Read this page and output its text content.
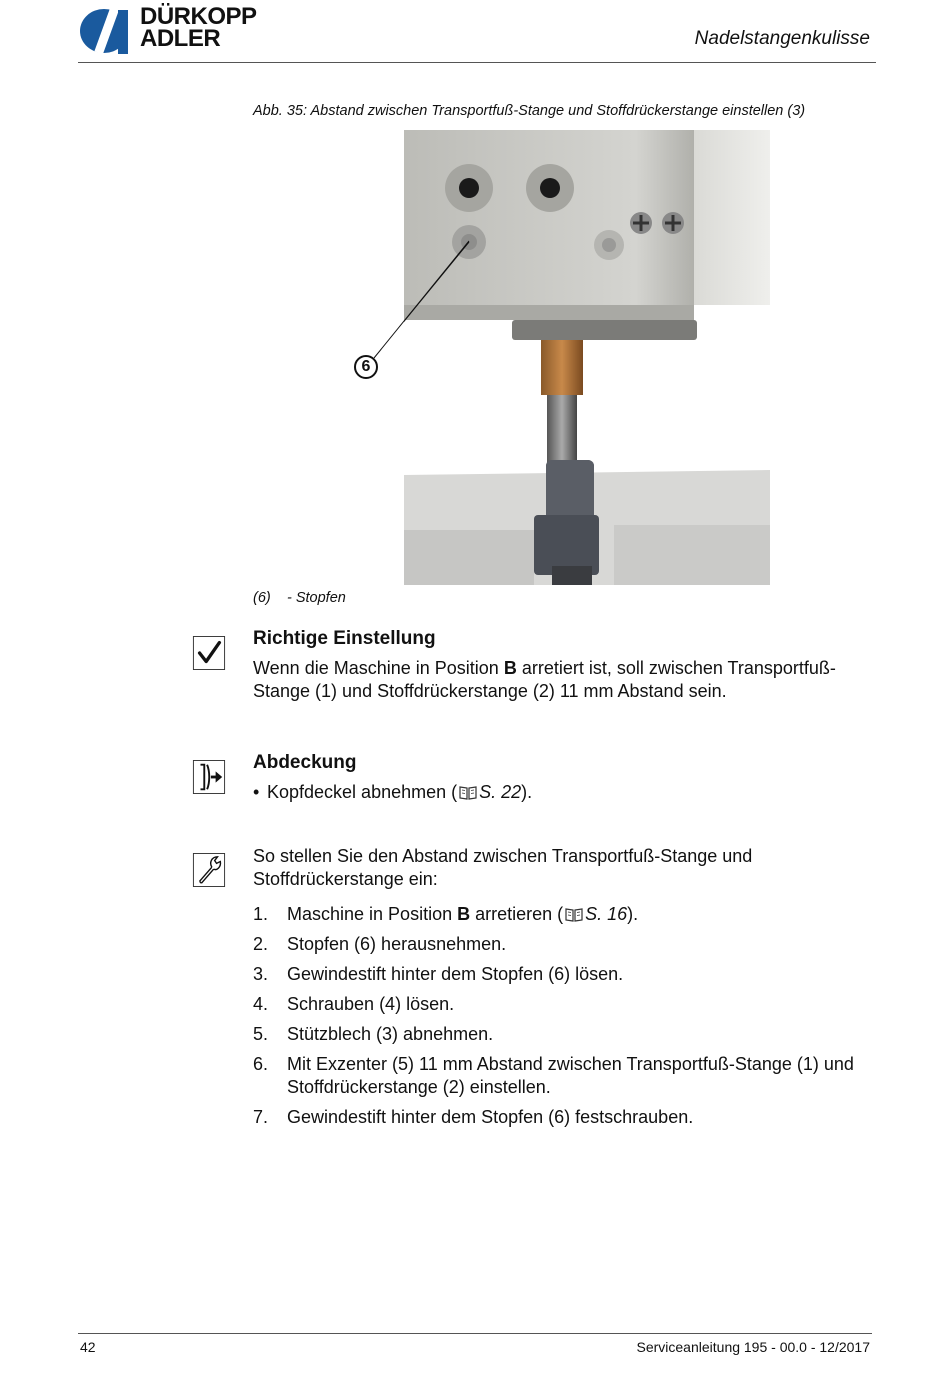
DÜRKOPP
ADLER	Nadelstangenkulisse
Abb. 35: Abstand zwischen Transportfuß-Stange und Stoffdrückerstange einstellen (3)
6
(6) - Stopfen
Richtige Einstellung
Wenn die Maschine in Position B arretiert ist, soll zwischen Transportfuß-Stange (1) und Stoffdrückerstange (2) 11 mm Abstand sein.
Abdeckung
• Kopfdeckel abnehmen ( S. 22).
So stellen Sie den Abstand zwischen Transportfuß-Stange und Stoffdrückerstange ein:
1. Maschine in Position B arretieren ( S. 16).
2. Stopfen (6) herausnehmen.
3. Gewindestift hinter dem Stopfen (6) lösen.
4. Schrauben (4) lösen.
5. Stützblech (3) abnehmen.
6. Mit Exzenter (5) 11 mm Abstand zwischen Transportfuß-Stange (1) und Stoffdrückerstange (2) einstellen.
7. Gewindestift hinter dem Stopfen (6) festschrauben.
42	Serviceanleitung 195 - 00.0 - 12/2017
